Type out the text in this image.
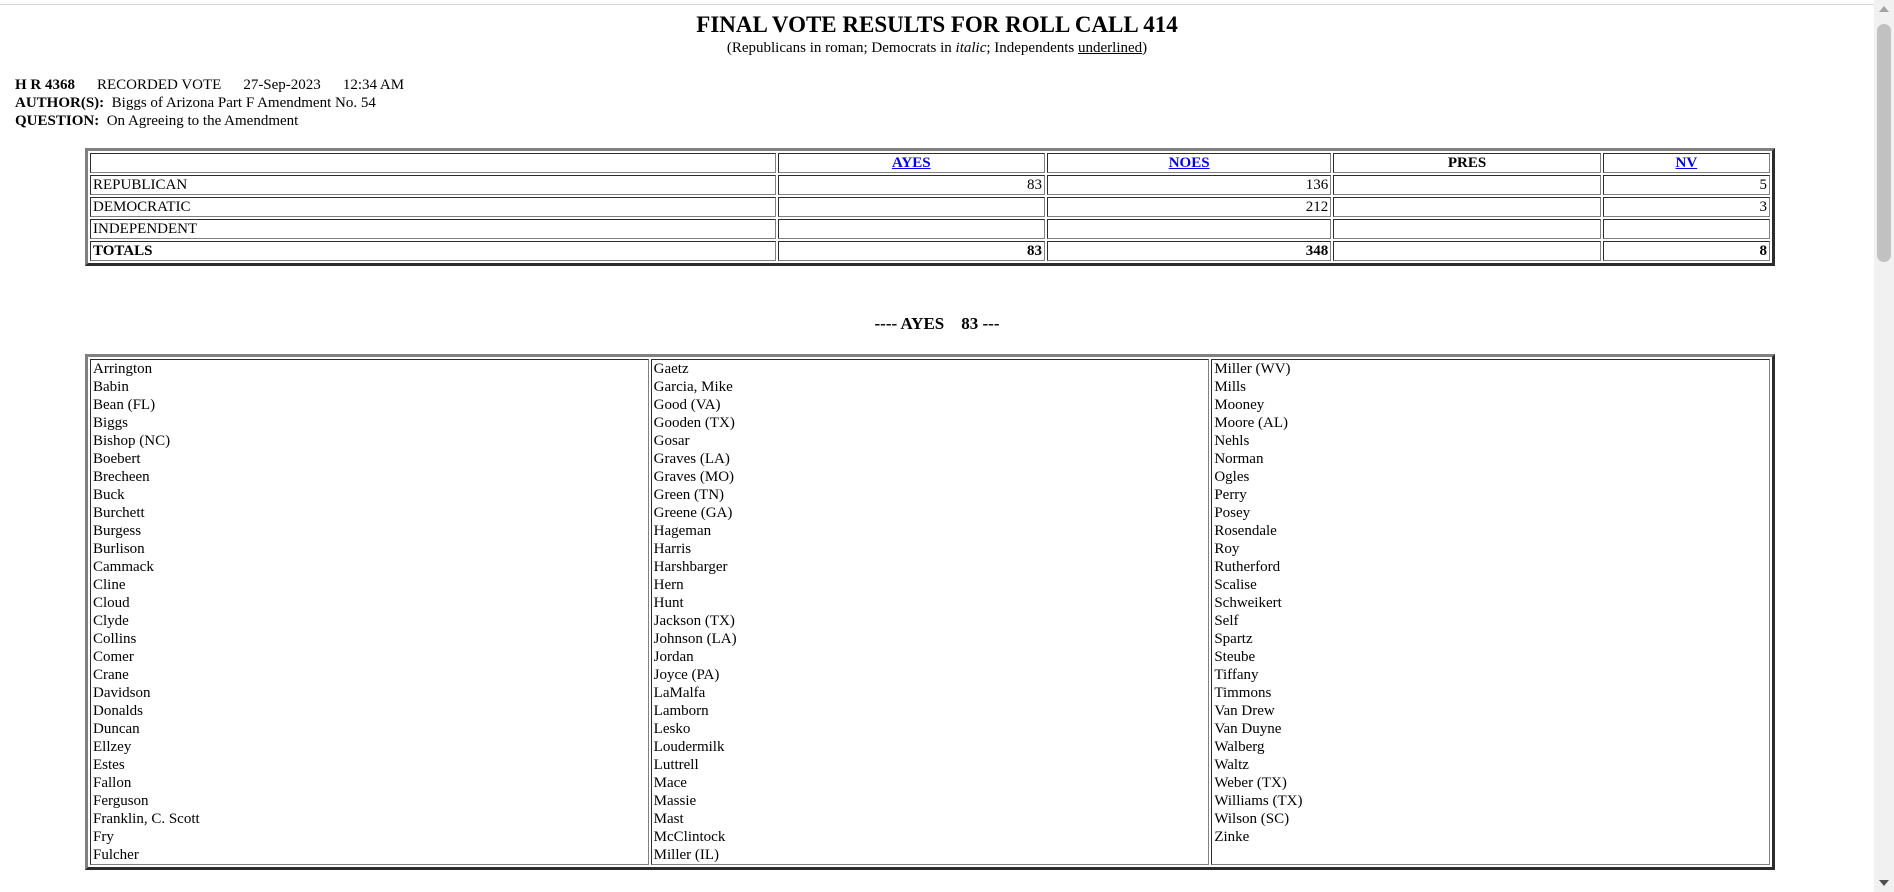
FINAL VOTE RESULTS FOR ROLL CALL 414
(Republicans in roman; Democrats in italic; Independents underlined)
H R 4368 RECORDED VOTE 27-Sep-2023 12:34 AM
AUTHOR(S): Biggs of Arizona Part F Amendment No. 54
QUESTION: On Agreeing to the Amendment
	AYES	NOES	PRES	NV
REPUBLICAN	83	136		5
DEMOCRATIC		212		3
INDEPENDENT				
TOTALS	83	348		8
---- AYES    83 ---
Arrington
Babin
Bean (FL)
Biggs
Bishop (NC)
Boebert
Brecheen
Buck
Burchett
Burgess
Burlison
Cammack
Cline
Cloud
Clyde
Collins
Comer
Crane
Davidson
Donalds
Duncan
Ellzey
Estes
Fallon
Ferguson
Franklin, C. Scott
Fry
Fulcher

Gaetz
Garcia, Mike
Good (VA)
Gooden (TX)
Gosar
Graves (LA)
Graves (MO)
Green (TN)
Greene (GA)
Hageman
Harris
Harshbarger
Hern
Hunt
Jackson (TX)
Johnson (LA)
Jordan
Joyce (PA)
LaMalfa
Lamborn
Lesko
Loudermilk
Luttrell
Mace
Massie
Mast
McClintock
Miller (IL)

Miller (WV)
Mills
Mooney
Moore (AL)
Nehls
Norman
Ogles
Perry
Posey
Rosendale
Roy
Rutherford
Scalise
Schweikert
Self
Spartz
Steube
Tiffany
Timmons
Van Drew
Van Duyne
Walberg
Waltz
Weber (TX)
Williams (TX)
Wilson (SC)
Zinke
